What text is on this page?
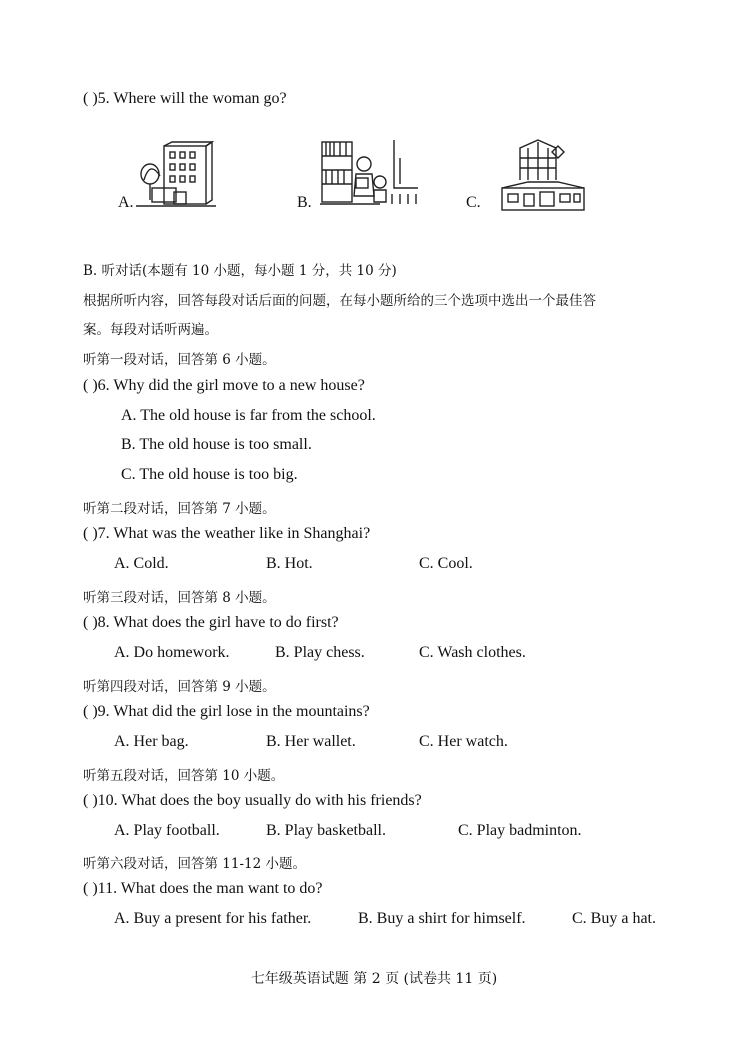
( )5. Where will the woman go?
A.	B.	C.
B. 听对话(本题有 10 小题，每小题 1 分，共 10 分)
根据所听内容，回答每段对话后面的问题，在每小题所给的三个选项中选出一个最佳答
案。每段对话听两遍。
听第一段对话，回答第 6 小题。
( )6. Why did the girl move to a new house?
A. The old house is far from the school.
B. The old house is too small.
C. The old house is too big.
听第二段对话，回答第 7 小题。
( )7. What was the weather like in Shanghai?
A. Cold.	B. Hot.	C. Cool.
听第三段对话，回答第 8 小题。
( )8. What does the girl have to do first?
A. Do homework.	B. Play chess.	C. Wash clothes.
听第四段对话，回答第 9 小题。
( )9. What did the girl lose in the mountains?
A. Her bag.	B. Her wallet.	C. Her watch.
听第五段对话，回答第 10 小题。
( )10. What does the boy usually do with his friends?
A. Play football.	B. Play basketball.	C. Play badminton.
听第六段对话，回答第 11-12 小题。
( )11. What does the man want to do?
A. Buy a present for his father.	B. Buy a shirt for himself.	C. Buy a hat.
七年级英语试题 第 2 页 (试卷共 11 页)
